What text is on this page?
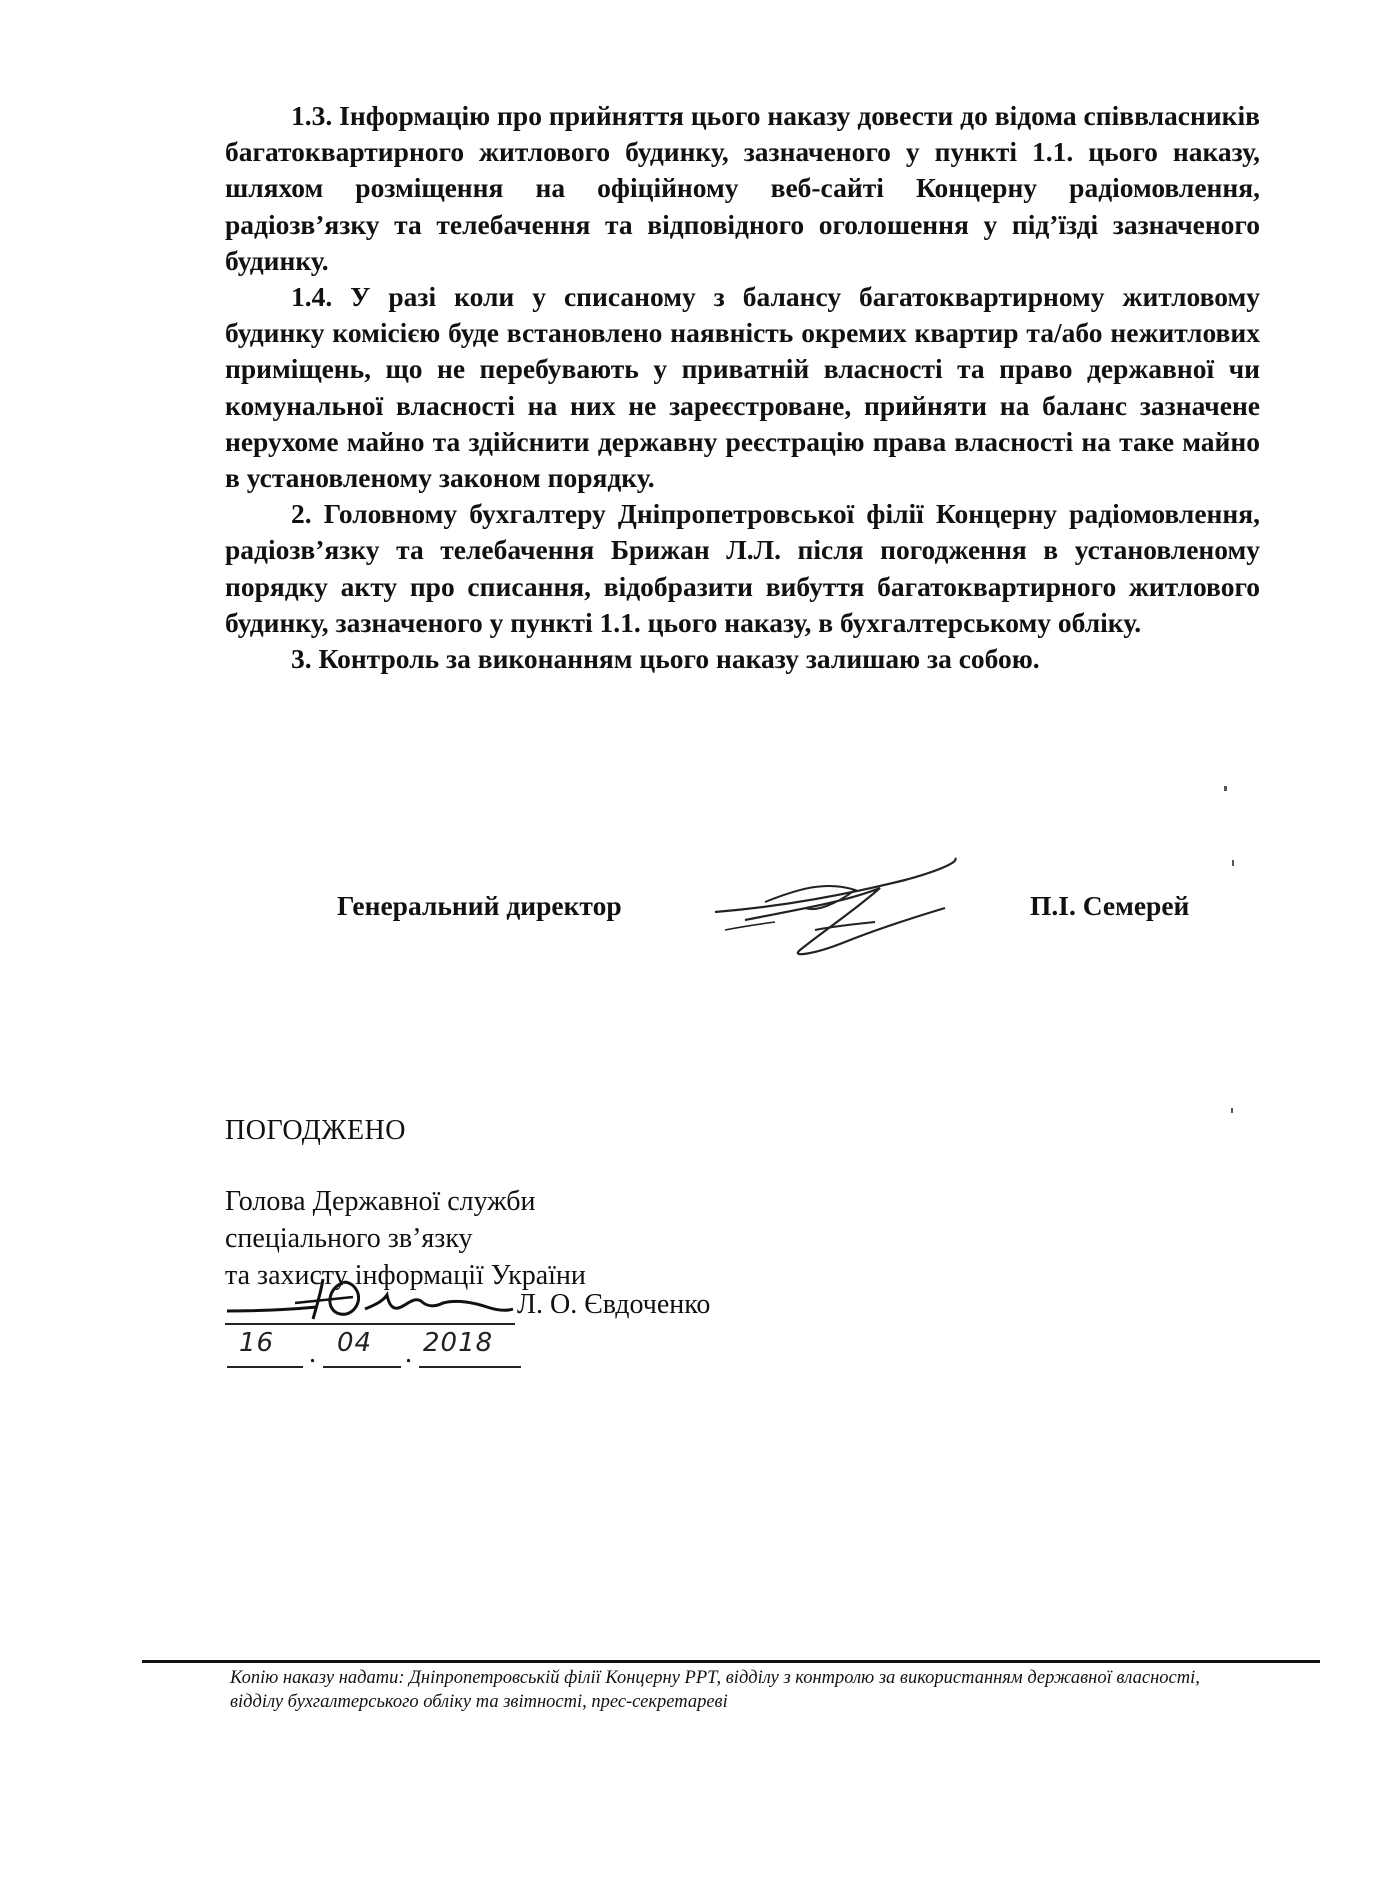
1.3. Інформацію про прийняття цього наказу довести до відома співвласників багатоквартирного житлового будинку, зазначеного у пункті 1.1. цього наказу, шляхом розміщення на офіційному веб-сайті Концерну радіомовлення, радіозв’язку та телебачення та відповідного оголошення у під’їзді зазначеного будинку.

1.4. У разі коли у списаному з балансу багатоквартирному житловому будинку комісією буде встановлено наявність окремих квартир та/або нежитлових приміщень, що не перебувають у приватній власності та право державної чи комунальної власності на них не зареєстроване, прийняти на баланс зазначене нерухоме майно та здійснити державну реєстрацію права власності на таке майно в установленому законом порядку.

2. Головному бухгалтеру Дніпропетровської філії Концерну радіомовлення, радіозв’язку та телебачення Брижан Л.Л. після погодження в установленому порядку акту про списання, відобразити вибуття багатоквартирного житлового будинку, зазначеного у пункті 1.1. цього наказу, в бухгалтерському обліку.

3. Контроль за виконанням цього наказу залишаю за собою.

Генеральний директор	П.І. Семерей

ПОГОДЖЕНО
Голова Державної служби
спеціального зв’язку
та захисту інформації України
Л. О. Євдоченко
16 . 04 . 2018

Копію наказу надати: Дніпропетровській філії Концерну РРТ, відділу з контролю за використанням державної власності,
відділу бухгалтерського обліку та звітності, прес-секретареві
